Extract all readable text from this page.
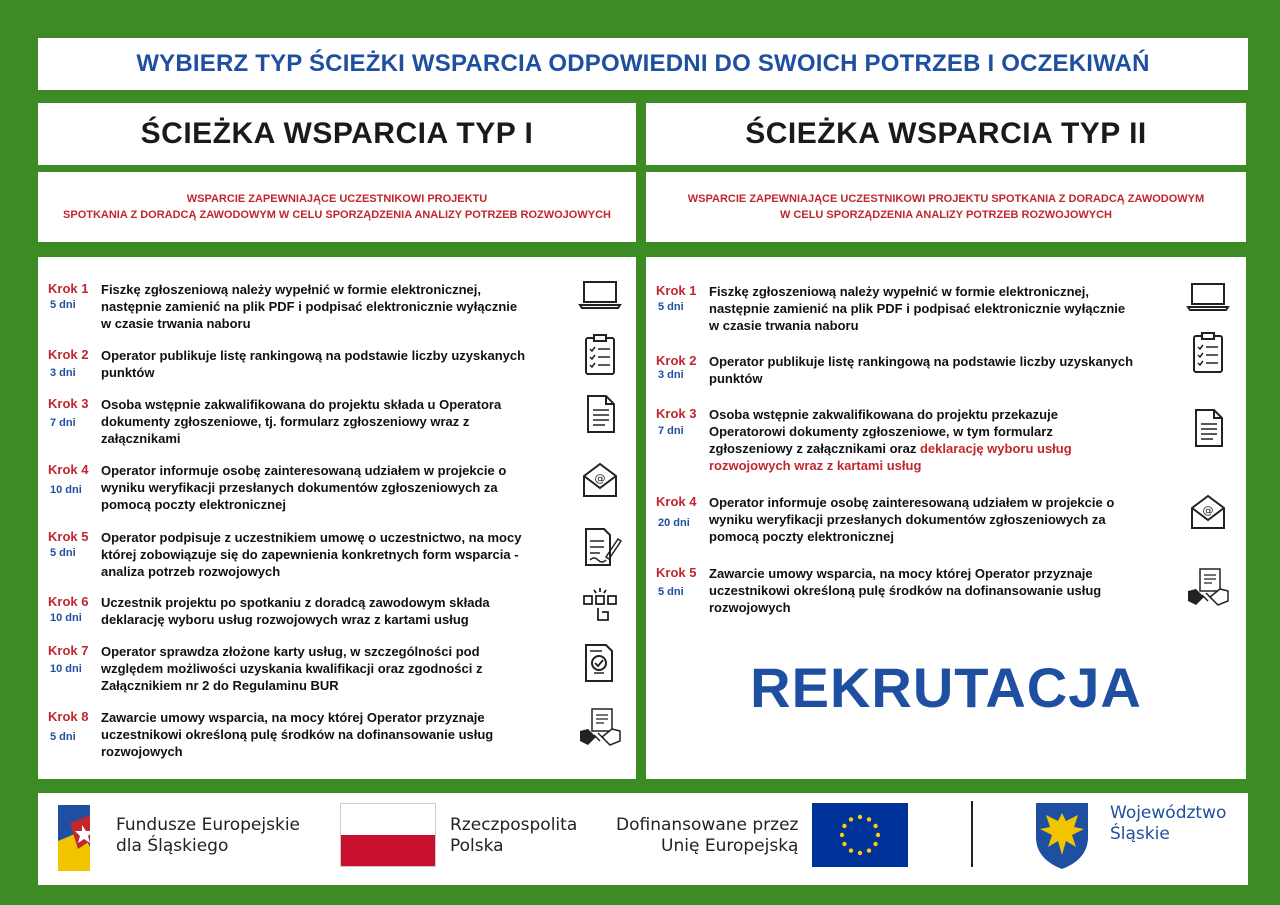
WYBIERZ TYP ŚCIEŻKI WSPARCIA ODPOWIEDNI DO SWOICH POTRZEB I OCZEKIWAŃ
ŚCIEŻKA WSPARCIA TYP I	ŚCIEŻKA WSPARCIA TYP II
WSPARCIE ZAPEWNIAJĄCE UCZESTNIKOWI PROJEKTU
SPOTKANIA Z DORADCĄ ZAWODOWYM W CELU SPORZĄDZENIA ANALIZY POTRZEB ROZWOJOWYCH
WSPARCIE ZAPEWNIAJĄCE UCZESTNIKOWI PROJEKTU SPOTKANIA Z DORADCĄ ZAWODOWYM
W CELU SPORZĄDZENIA ANALIZY POTRZEB ROZWOJOWYCH
Krok 1
5 dni
Fiszkę zgłoszeniową należy wypełnić w formie elektronicznej, następnie zamienić na plik PDF i podpisać elektronicznie wyłącznie w czasie trwania naboru
Krok 2
3 dni
Operator publikuje listę rankingową na podstawie liczby uzyskanych punktów
Krok 3
7 dni
Osoba wstępnie zakwalifikowana do projektu składa u Operatora dokumenty zgłoszeniowe, tj. formularz zgłoszeniowy wraz z załącznikami
Krok 4
10 dni
Operator informuje osobę zainteresowaną udziałem w projekcie o wyniku weryfikacji przesłanych dokumentów zgłoszeniowych za pomocą poczty elektronicznej
@
Krok 5
5 dni
Operator podpisuje z uczestnikiem umowę o uczestnictwo, na mocy której zobowiązuje się do zapewnienia konkretnych form wsparcia - analiza potrzeb rozwojowych
Krok 6
10 dni
Uczestnik projektu po spotkaniu z doradcą zawodowym składa deklarację wyboru usług rozwojowych wraz z kartami usług
Krok 7
10 dni
Operator sprawdza złożone karty usług, w szczególności pod względem możliwości uzyskania kwalifikacji oraz zgodności z Załącznikiem nr 2 do Regulaminu BUR
Krok 8
5 dni
Zawarcie umowy wsparcia, na mocy której Operator przyznaje uczestnikowi określoną pulę środków na dofinansowanie usług rozwojowych
Krok 1
5 dni
Fiszkę zgłoszeniową należy wypełnić w formie elektronicznej, następnie zamienić na plik PDF i podpisać elektronicznie wyłącznie w czasie trwania naboru
Krok 2
3 dni
Operator publikuje listę rankingową na podstawie liczby uzyskanych punktów
Krok 3
7 dni
Osoba wstępnie zakwalifikowana do projektu przekazuje Operatorowi dokumenty zgłoszeniowe, w tym formularz zgłoszeniowy z załącznikami oraz deklarację wyboru usług rozwojowych wraz z kartami usług
Krok 4
20 dni
Operator informuje osobę zainteresowaną udziałem w projekcie o wyniku weryfikacji przesłanych dokumentów zgłoszeniowych za pomocą poczty elektronicznej
@
Krok 5
5 dni
Zawarcie umowy wsparcia, na mocy której Operator przyznaje uczestnikowi określoną pulę środków na dofinansowanie usług rozwojowych
REKRUTACJA
Fundusze Europejskie
dla Śląskiego
Rzeczpospolita
Polska
Dofinansowane przez
Unię Europejską
Województwo
Śląskie
